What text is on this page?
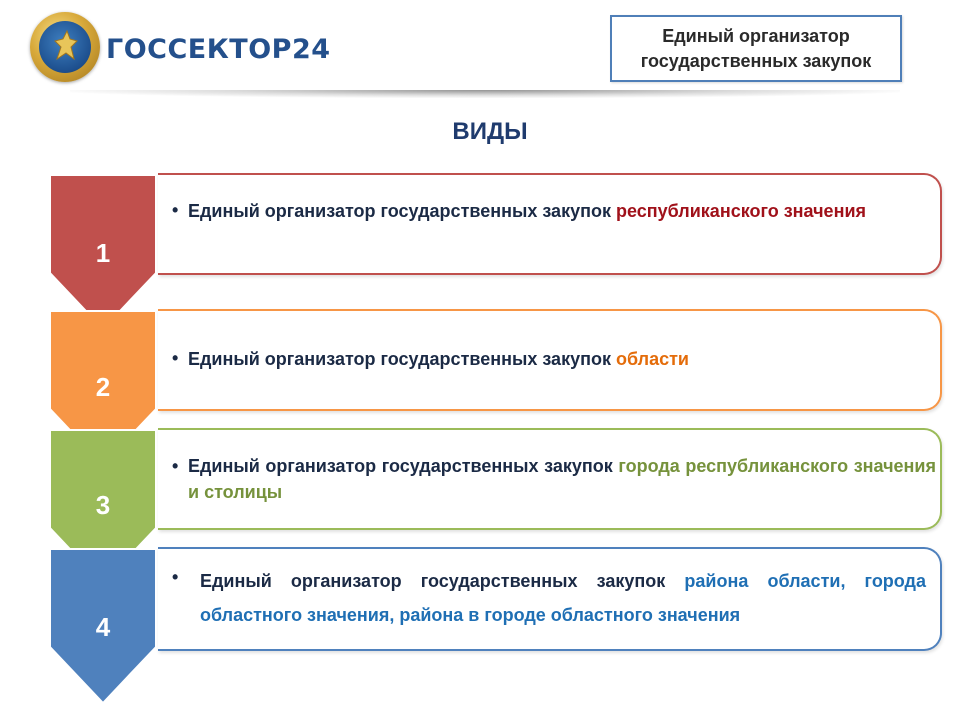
ГОССЕКТОР24	Единый организатор
государственных закупок
ВИДЫ
1
• Единый организатор государственных закупок республиканского значения
2
• Единый организатор государственных закупок области
3
• Единый организатор государственных закупок города республиканского значения и столицы
4
• Единый организатор государственных закупок района области, города областного значения, района в городе областного значения
